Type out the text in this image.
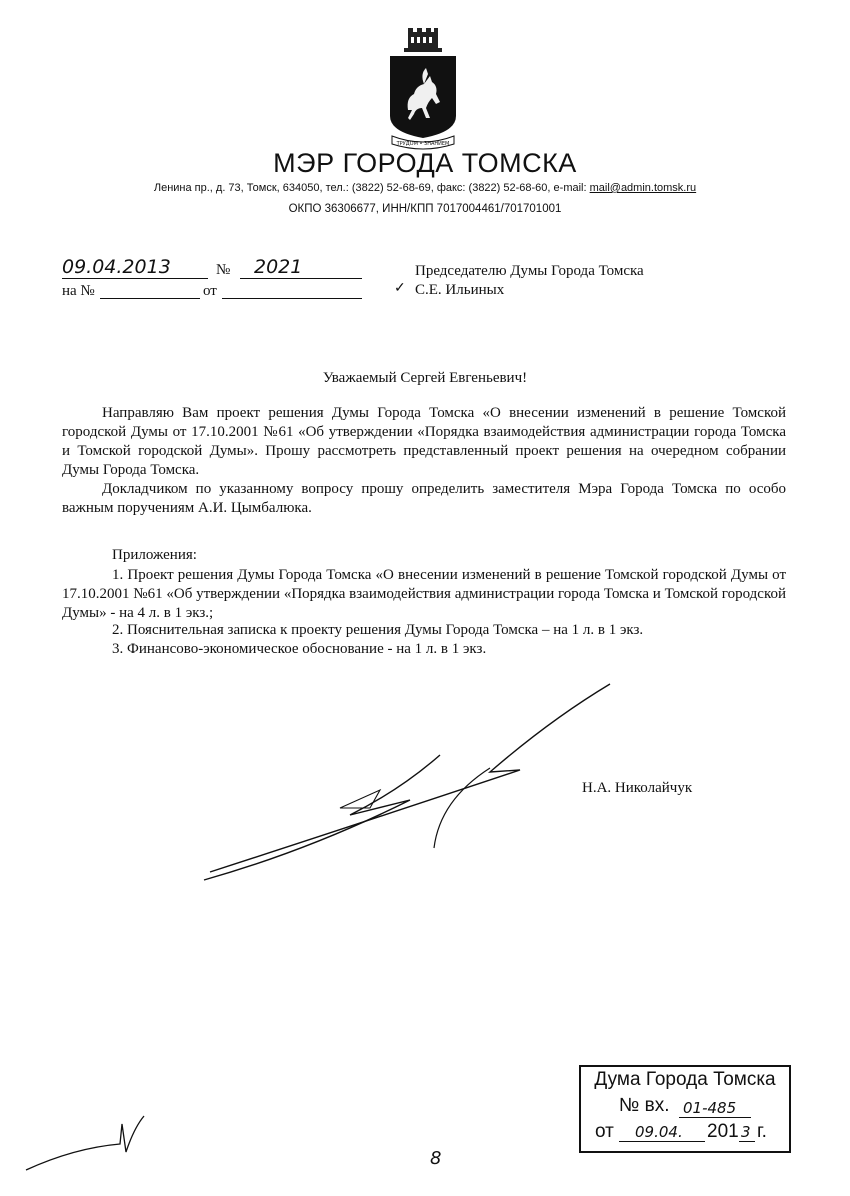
ТРУДОМ • ЗНАНИЕМ
МЭР ГОРОДА ТОМСКА
Ленина пр., д. 73, Томск, 634050, тел.: (3822) 52-68-69, факс: (3822) 52-68-60, e-mail: mail@admin.tomsk.ru
ОКПО 36306677, ИНН/КПП 7017004461/701701001
09.04.2013	№ 2021
на №	от	✓
Председателю Думы Города Томска
С.Е. Ильиных
Уважаемый Сергей Евгеньевич!
Направляю Вам проект решения Думы Города Томска «О внесении изменений в решение Томской городской Думы от 17.10.2001 №61 «Об утверждении «Порядка взаимодействия администрации города Томска и Томской городской Думы». Прошу рассмотреть представленный проект решения на очередном собрании Думы Города Томска.
Докладчиком по указанному вопросу прошу определить заместителя Мэра Города Томска по особо важным поручениям А.И. Цымбалюка.
Приложения:
1. Проект решения Думы Города Томска «О внесении изменений в решение Томской городской Думы от 17.10.2001 №61 «Об утверждении «Порядка взаимодействия администрации города Томска и Томской городской Думы» - на 4 л. в 1 экз.;
2. Пояснительная записка к проекту решения Думы Города Томска – на 1 л. в 1 экз.
3. Финансово-экономическое обоснование - на 1 л. в 1 экз.
Н.А. Николайчук
8
Дума Города Томска
№ вх. 01-485
от 09.04. 201 3 г.
